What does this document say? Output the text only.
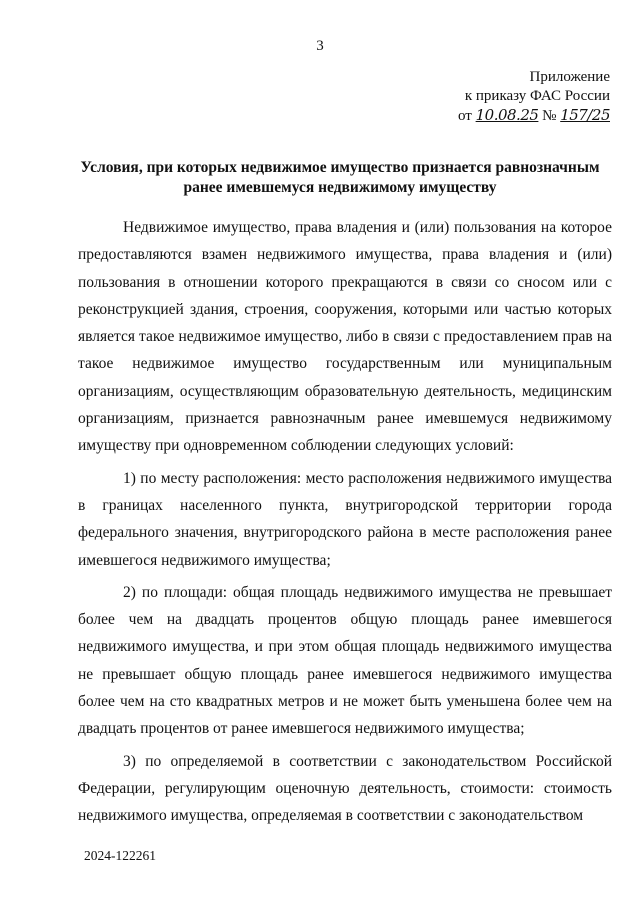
3
Приложение
к приказу ФАС России
от 10.08.25 № 157/25
Условия, при которых недвижимое имущество признается равнозначным
ранее имевшемуся недвижимому имуществу

Недвижимое имущество, права владения и (или) пользования на которое предоставляются взамен недвижимого имущества, права владения и (или) пользования в отношении которого прекращаются в связи со сносом или с реконструкцией здания, строения, сооружения, которыми или частью которых является такое недвижимое имущество, либо в связи с предоставлением прав на такое недвижимое имущество государственным или муниципальным организациям, осуществляющим образовательную деятельность, медицинским организациям, признается равнозначным ранее имевшемуся недвижимому имуществу при одновременном соблюдении следующих условий:

1) по месту расположения: место расположения недвижимого имущества в границах населенного пункта, внутригородской территории города федерального значения, внутригородского района в месте расположения ранее имевшегося недвижимого имущества;

2) по площади: общая площадь недвижимого имущества не превышает более чем на двадцать процентов общую площадь ранее имевшегося недвижимого имущества, и при этом общая площадь недвижимого имущества не превышает общую площадь ранее имевшегося недвижимого имущества более чем на сто квадратных метров и не может быть уменьшена более чем на двадцать процентов от ранее имевшегося недвижимого имущества;

3) по определяемой в соответствии с законодательством Российской Федерации, регулирующим оценочную деятельность, стоимости: стоимость недвижимого имущества, определяемая в соответствии с законодательством

2024-122261
